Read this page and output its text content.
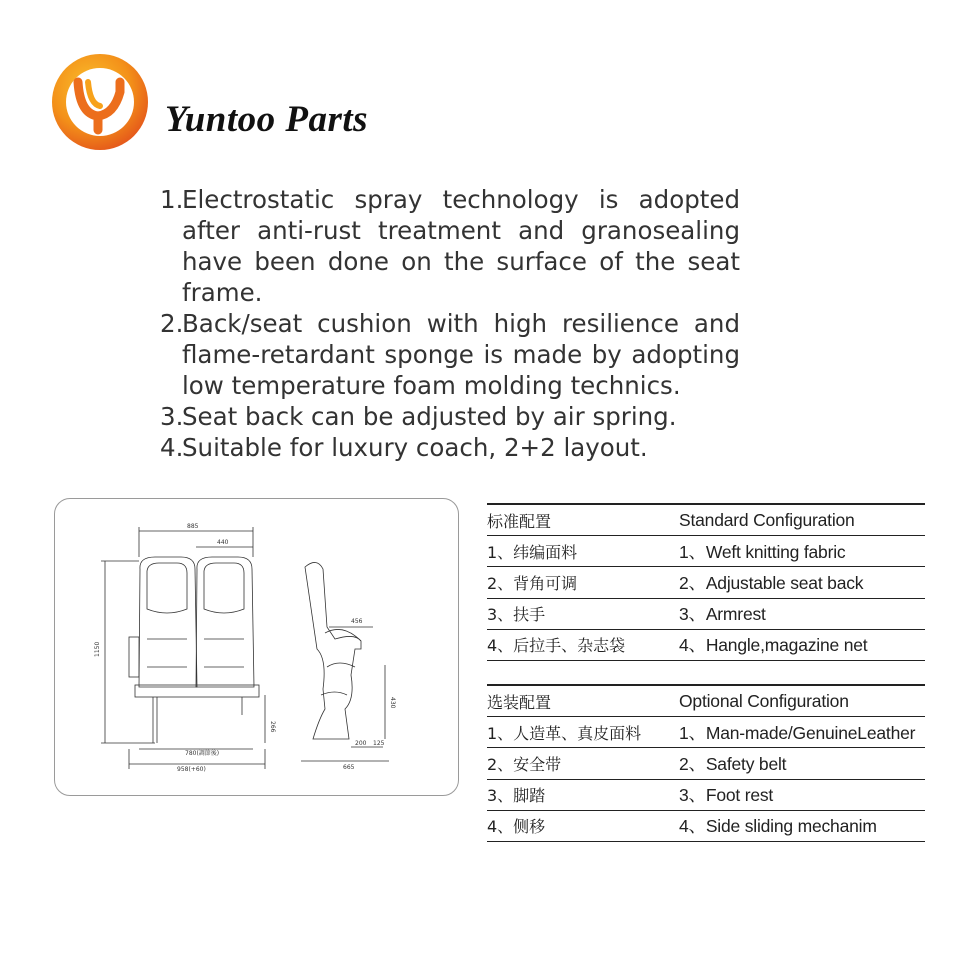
Yuntoo Parts
1.
Electrostatic spray technology is adopted after anti-rust treatment and granosealing have been done on the surface of the seat frame.
2.
Back/seat cushion with high resilience and flame-retardant sponge is made by adopting low temperature foam molding technics.
3.
Seat back can be adjusted by air spring.
4.
Suitable for luxury coach, 2+2 layout.
885
440
1150
780(調節後)
958(+60)
266
456
430
200 125
665
标准配置	Standard Configuration
1、纬编面料	1、Weft knitting fabric
2、背角可调	2、Adjustable seat back
3、扶手	3、Armrest
4、后拉手、杂志袋	4、Hangle,magazine net
选装配置	Optional Configuration
1、人造革、真皮面料	1、Man-made/GenuineLeather
2、安全带	2、Safety belt
3、脚踏	3、Foot rest
4、侧移	4、Side sliding mechanim
